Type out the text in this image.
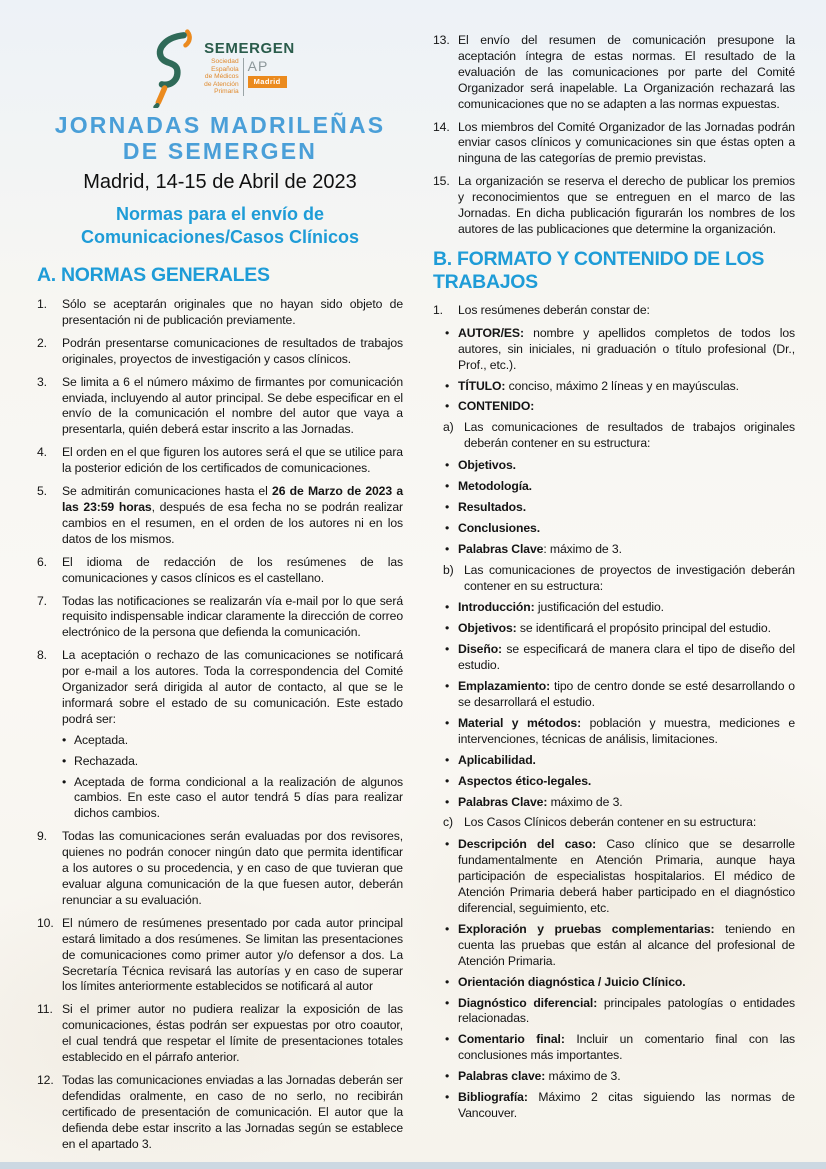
SEMERGEN
Sociedad
Española
de Médicos
de Atención
Primaria
AP
Madrid
JORNADAS MADRILEÑAS
DE SEMERGEN
Madrid, 14-15 de Abril de 2023
Normas para el envío de
Comunicaciones/Casos Clínicos
A. NORMAS GENERALES
1.	Sólo se aceptarán originales que no hayan sido objeto de presentación ni de publicación previamente.
2.	Podrán presentarse comunicaciones de resultados de trabajos originales, proyectos de investigación y casos clínicos.
3.	Se limita a 6 el número máximo de firmantes por comunicación enviada, incluyendo al autor principal. Se debe especificar en el envío de la comunicación el nombre del autor que vaya a presentarla, quién deberá estar inscrito a las Jornadas.
4.	El orden en el que figuren los autores será el que se utilice para la posterior edición de los certificados de comunicaciones.
5.	Se admitirán comunicaciones hasta el 26 de Marzo de 2023 a las 23:59 horas, después de esa fecha no se podrán realizar cambios en el resumen, en el orden de los autores ni en los datos de los mismos.
6.	El idioma de redacción de los resúmenes de las comunicaciones y casos clínicos es el castellano.
7.	Todas las notificaciones se realizarán vía e-mail por lo que será requisito indispensable indicar claramente la dirección de correo electrónico de la persona que defienda la comunicación.
8.	La aceptación o rechazo de las comunicaciones se notificará por e-mail a los autores. Toda la correspondencia del Comité Organizador será dirigida al autor de contacto, al que se le informará sobre el estado de su comunicación. Este estado podrá ser:
• Aceptada.
• Rechazada.
• Aceptada de forma condicional a la realización de algunos cambios. En este caso el autor tendrá 5 días para realizar dichos cambios.
9.	Todas las comunicaciones serán evaluadas por dos revisores, quienes no podrán conocer ningún dato que permita identificar a los autores o su procedencia, y en caso de que tuvieran que evaluar alguna comunicación de la que fuesen autor, deberán renunciar a su evaluación.
10. El número de resúmenes presentado por cada autor principal estará limitado a dos resúmenes. Se limitan las presentaciones de comunicaciones como primer autor y/o defensor a dos. La Secretaría Técnica revisará las autorías y en caso de superar los límites anteriormente establecidos se notificará al autor
11. Si el primer autor no pudiera realizar la exposición de las comunicaciones, éstas podrán ser expuestas por otro coautor, el cual tendrá que respetar el límite de presentaciones totales establecido en el párrafo anterior.
12. Todas las comunicaciones enviadas a las Jornadas deberán ser defendidas oralmente, en caso de no serlo, no recibirán certificado de presentación de comunicación. El autor que la defienda debe estar inscrito a las Jornadas según se establece en el apartado 3.
13. El envío del resumen de comunicación presupone la aceptación íntegra de estas normas. El resultado de la evaluación de las comunicaciones por parte del Comité Organizador será inapelable. La Organización rechazará las comunicaciones que no se adapten a las normas expuestas.
14. Los miembros del Comité Organizador de las Jornadas podrán enviar casos clínicos y comunicaciones sin que éstas opten a ninguna de las categorías de premio previstas.
15. La organización se reserva el derecho de publicar los premios y reconocimientos que se entreguen en el marco de las Jornadas. En dicha publicación figurarán los nombres de los autores de las publicaciones que determine la organización.
B. FORMATO Y CONTENIDO DE LOS TRABAJOS
1.	Los resúmenes deberán constar de:
• AUTOR/ES: nombre y apellidos completos de todos los autores, sin iniciales, ni graduación o título profesional (Dr., Prof., etc.).
• TÍTULO: conciso, máximo 2 líneas y en mayúsculas.
• CONTENIDO:
a) Las comunicaciones de resultados de trabajos originales deberán contener en su estructura:
• Objetivos.
• Metodología.
• Resultados.
• Conclusiones.
• Palabras Clave: máximo de 3.
b) Las comunicaciones de proyectos de investigación deberán contener en su estructura:
• Introducción: justificación del estudio.
• Objetivos: se identificará el propósito principal del estudio.
• Diseño: se especificará de manera clara el tipo de diseño del estudio.
• Emplazamiento: tipo de centro donde se esté desarrollando o se desarrollará el estudio.
• Material y métodos: población y muestra, mediciones e intervenciones, técnicas de análisis, limitaciones.
• Aplicabilidad.
• Aspectos ético-legales.
• Palabras Clave: máximo de 3.
c) Los Casos Clínicos deberán contener en su estructura:
• Descripción del caso: Caso clínico que se desarrolle fundamentalmente en Atención Primaria, aunque haya participación de especialistas hospitalarios. El médico de Atención Primaria deberá haber participado en el diagnóstico diferencial, seguimiento, etc.
• Exploración y pruebas complementarias: teniendo en cuenta las pruebas que están al alcance del profesional de Atención Primaria.
• Orientación diagnóstica / Juicio Clínico.
• Diagnóstico diferencial: principales patologías o entidades relacionadas.
• Comentario final: Incluir un comentario final con las conclusiones más importantes.
• Palabras clave: máximo de 3.
• Bibliografía: Máximo 2 citas siguiendo las normas de Vancouver.
